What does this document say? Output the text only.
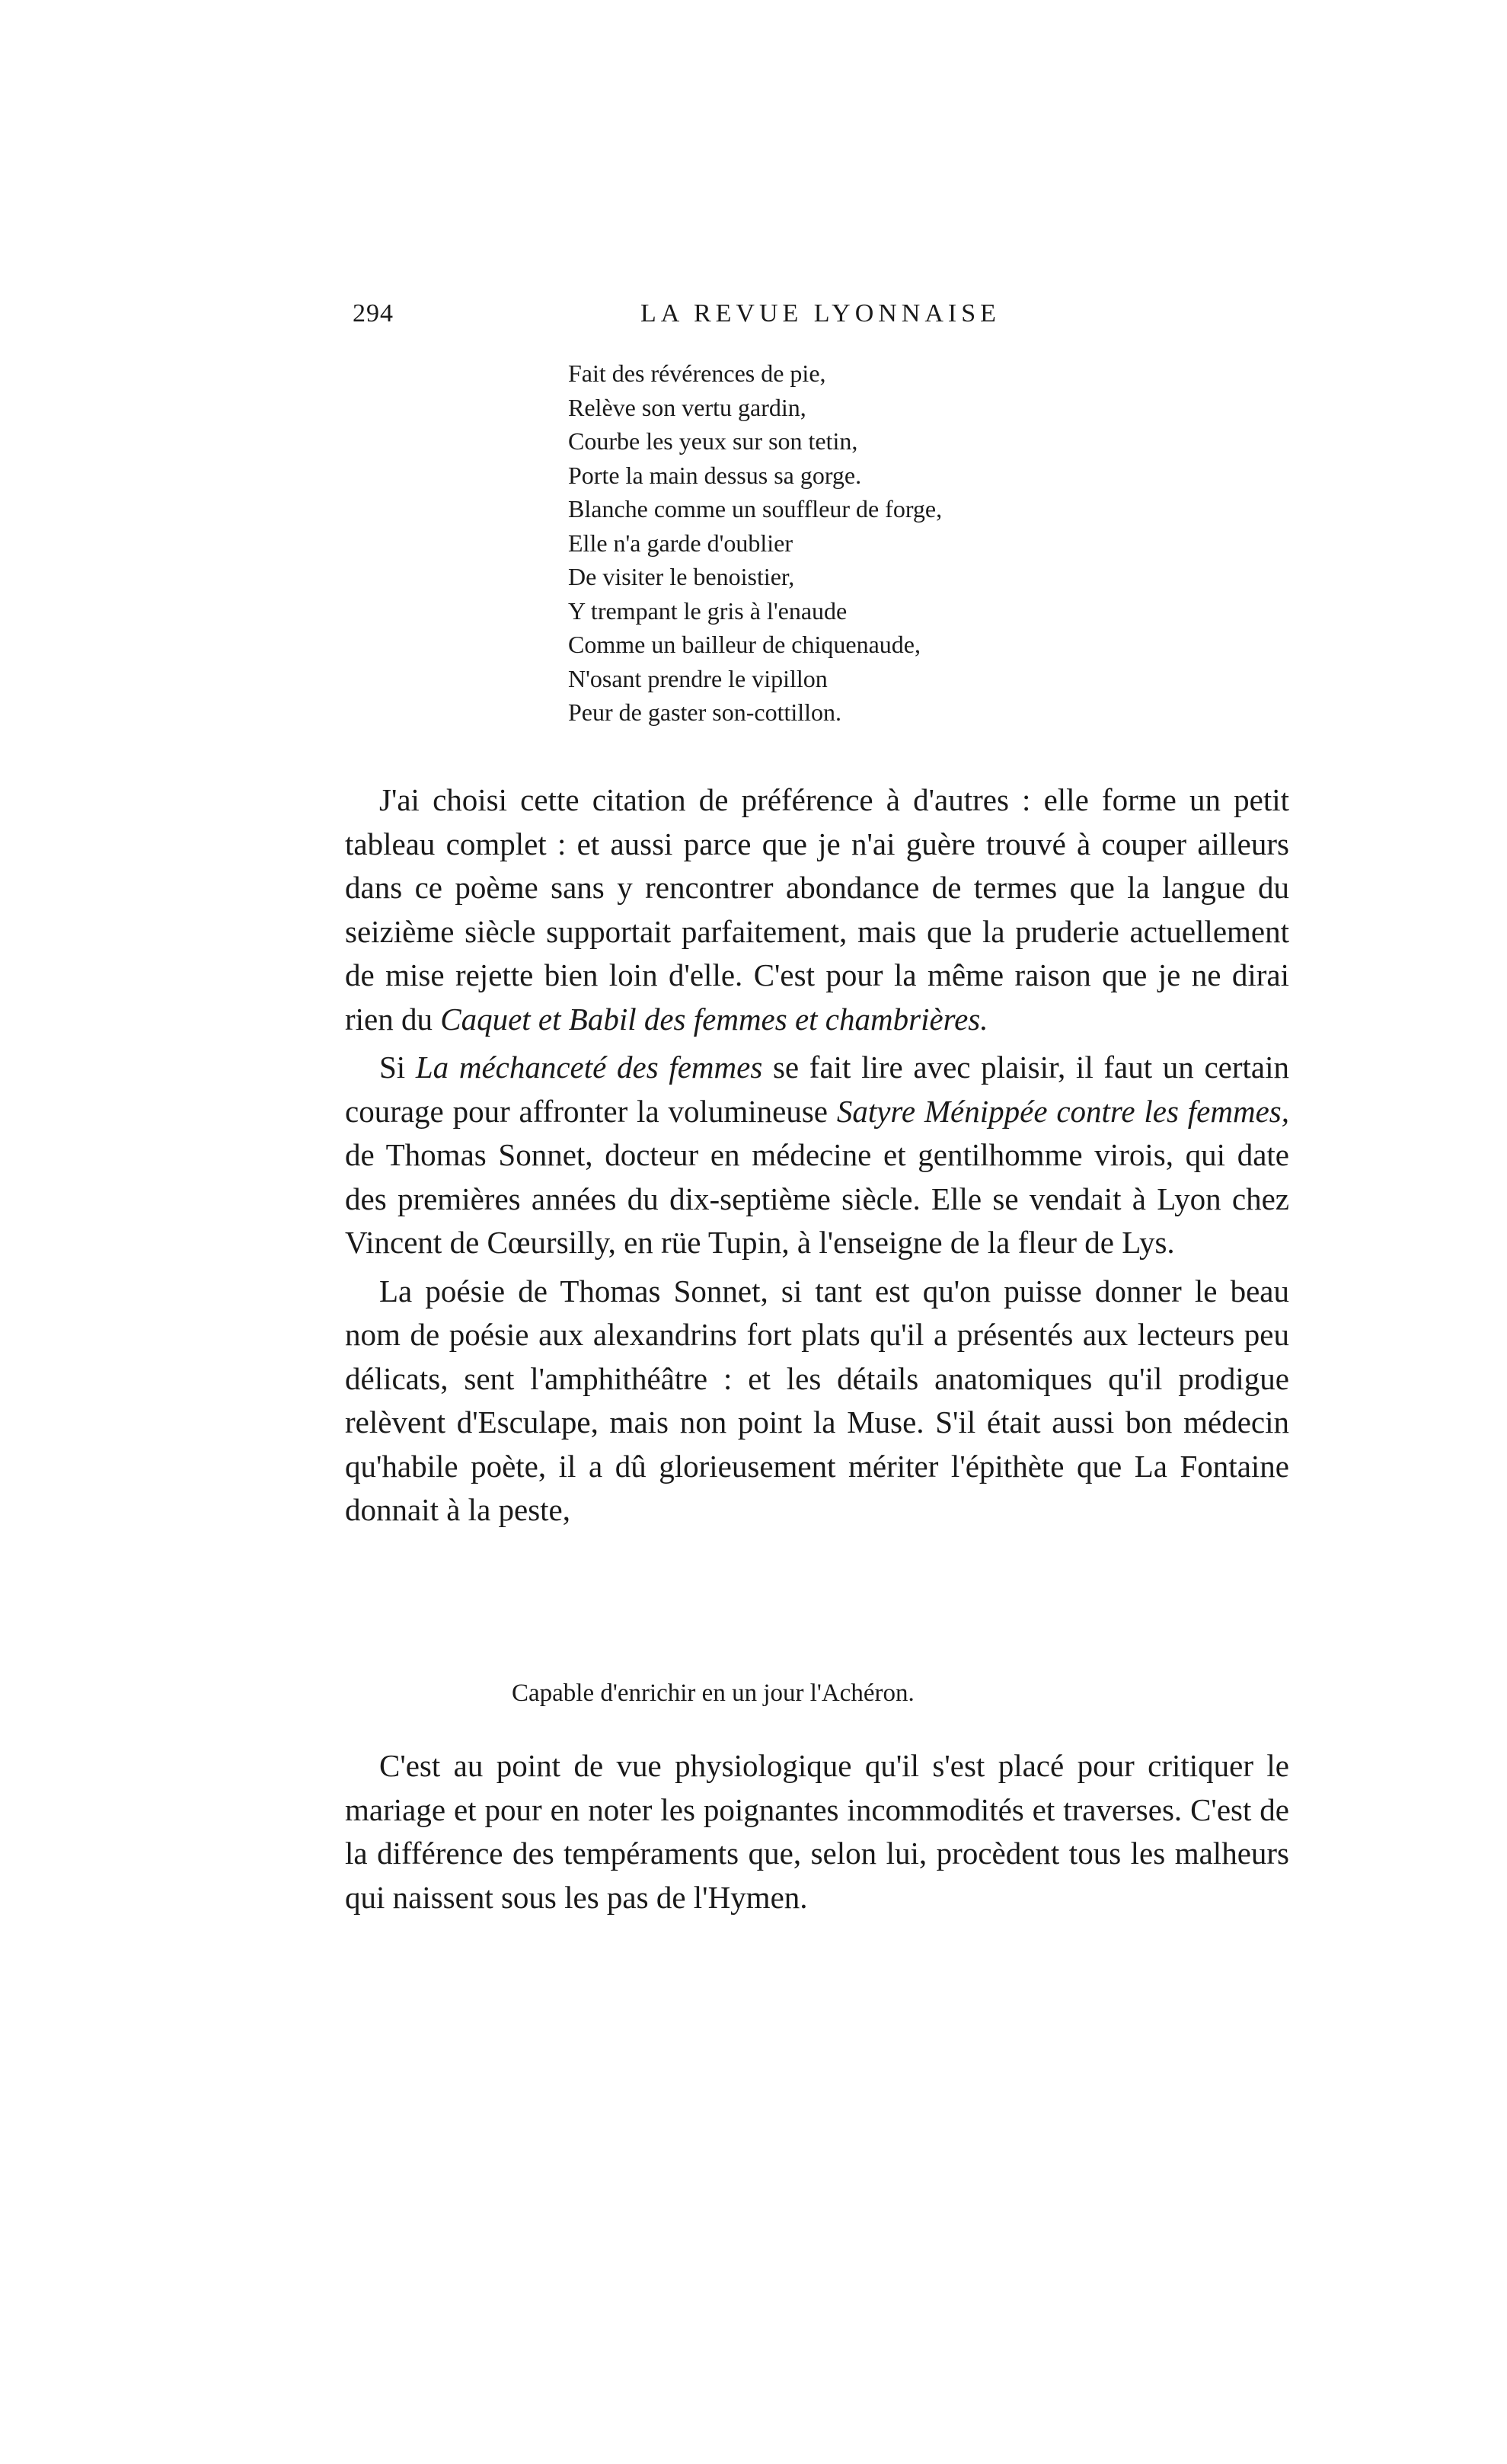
294	LA REVUE LYONNAISE
Fait des révérences de pie,
Relève son vertu gardin,
Courbe les yeux sur son tetin,
Porte la main dessus sa gorge.
Blanche comme un souffleur de forge,
Elle n'a garde d'oublier
De visiter le benoistier,
Y trempant le gris à l'enaude
Comme un bailleur de chiquenaude,
N'osant prendre le vipillon
Peur de gaster son-cottillon.

J'ai choisi cette citation de préférence à d'autres : elle forme un petit tableau complet : et aussi parce que je n'ai guère trouvé à couper ailleurs dans ce poème sans y rencontrer abondance de termes que la langue du seizième siècle supportait parfaitement, mais que la pruderie actuellement de mise rejette bien loin d'elle. C'est pour la même raison que je ne dirai rien du Caquet et Babil des femmes et chambrières.

Si La méchanceté des femmes se fait lire avec plaisir, il faut un certain courage pour affronter la volumineuse Satyre Ménippée contre les femmes, de Thomas Sonnet, docteur en médecine et gentilhomme virois, qui date des premières années du dix-septième siècle. Elle se vendait à Lyon chez Vincent de Cœursilly, en rüe Tupin, à l'enseigne de la fleur de Lys.

La poésie de Thomas Sonnet, si tant est qu'on puisse donner le beau nom de poésie aux alexandrins fort plats qu'il a présentés aux lecteurs peu délicats, sent l'amphithéâtre : et les détails anatomiques qu'il prodigue relèvent d'Esculape, mais non point la Muse. S'il était aussi bon médecin qu'habile poète, il a dû glorieusement mériter l'épithète que La Fontaine donnait à la peste,

Capable d'enrichir en un jour l'Achéron.

C'est au point de vue physiologique qu'il s'est placé pour critiquer le mariage et pour en noter les poignantes incommodités et traverses. C'est de la différence des tempéraments que, selon lui, procèdent tous les malheurs qui naissent sous les pas de l'Hymen.
